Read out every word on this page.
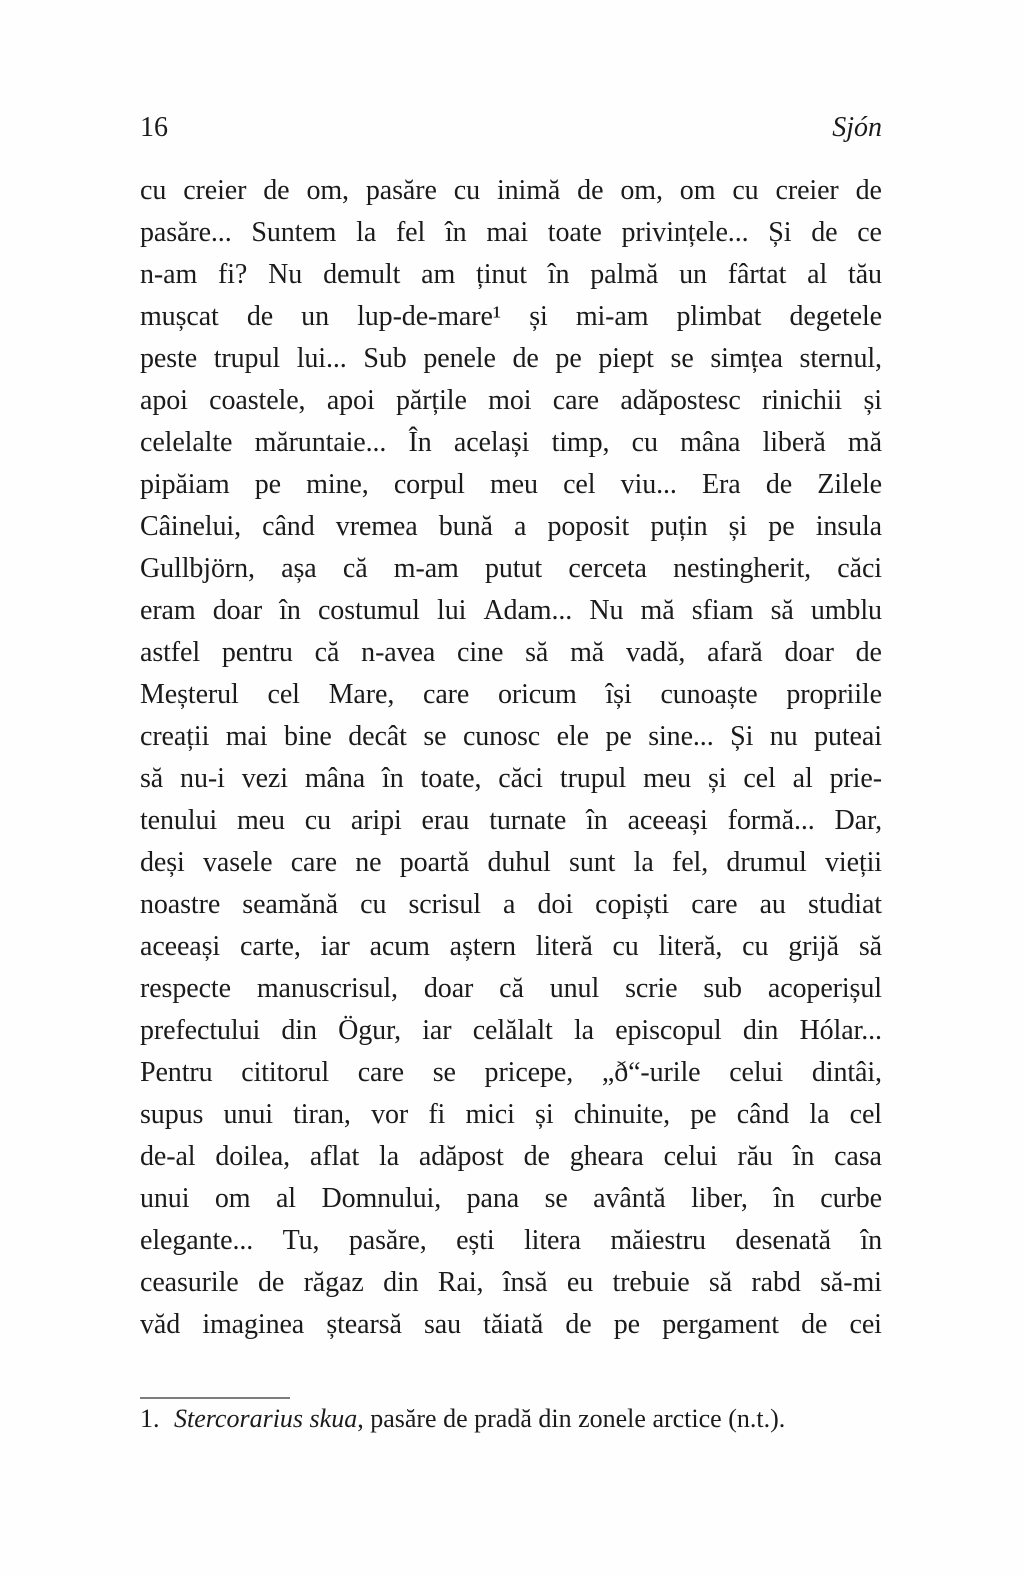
16	Sjón
cu creier de om, pasăre cu inimă de om, om cu creier de
pasăre... Suntem la fel în mai toate privințele... Și de ce
n-am fi? Nu demult am ținut în palmă un fârtat al tău
mușcat de un lup-de-mare¹ și mi-am plimbat degetele
peste trupul lui... Sub penele de pe piept se simțea sternul,
apoi coastele, apoi părțile moi care adăpostesc rinichii și
celelalte măruntaie... În același timp, cu mâna liberă mă
pipăiam pe mine, corpul meu cel viu... Era de Zilele
Câinelui, când vremea bună a poposit puțin și pe insula
Gullbjörn, așa că m-am putut cerceta nestingherit, căci
eram doar în costumul lui Adam... Nu mă sfiam să umblu
astfel pentru că n-avea cine să mă vadă, afară doar de
Meșterul cel Mare, care oricum își cunoaște propriile
creații mai bine decât se cunosc ele pe sine... Și nu puteai
să nu-i vezi mâna în toate, căci trupul meu și cel al prie-
tenului meu cu aripi erau turnate în aceeași formă... Dar,
deși vasele care ne poartă duhul sunt la fel, drumul vieții
noastre seamănă cu scrisul a doi copiști care au studiat
aceeași carte, iar acum aștern literă cu literă, cu grijă să
respecte manuscrisul, doar că unul scrie sub acoperișul
prefectului din Ögur, iar celălalt la episcopul din Hólar...
Pentru cititorul care se pricepe, „ð“-urile celui dintâi,
supus unui tiran, vor fi mici și chinuite, pe când la cel
de-al doilea, aflat la adăpost de gheara celui rău în casa
unui om al Domnului, pana se avântă liber, în curbe
elegante... Tu, pasăre, ești litera măiestru desenată în
ceasurile de răgaz din Rai, însă eu trebuie să rabd să-mi
văd imaginea ștearsă sau tăiată de pe pergament de cei
1. Stercorarius skua, pasăre de pradă din zonele arctice (n.t.).
